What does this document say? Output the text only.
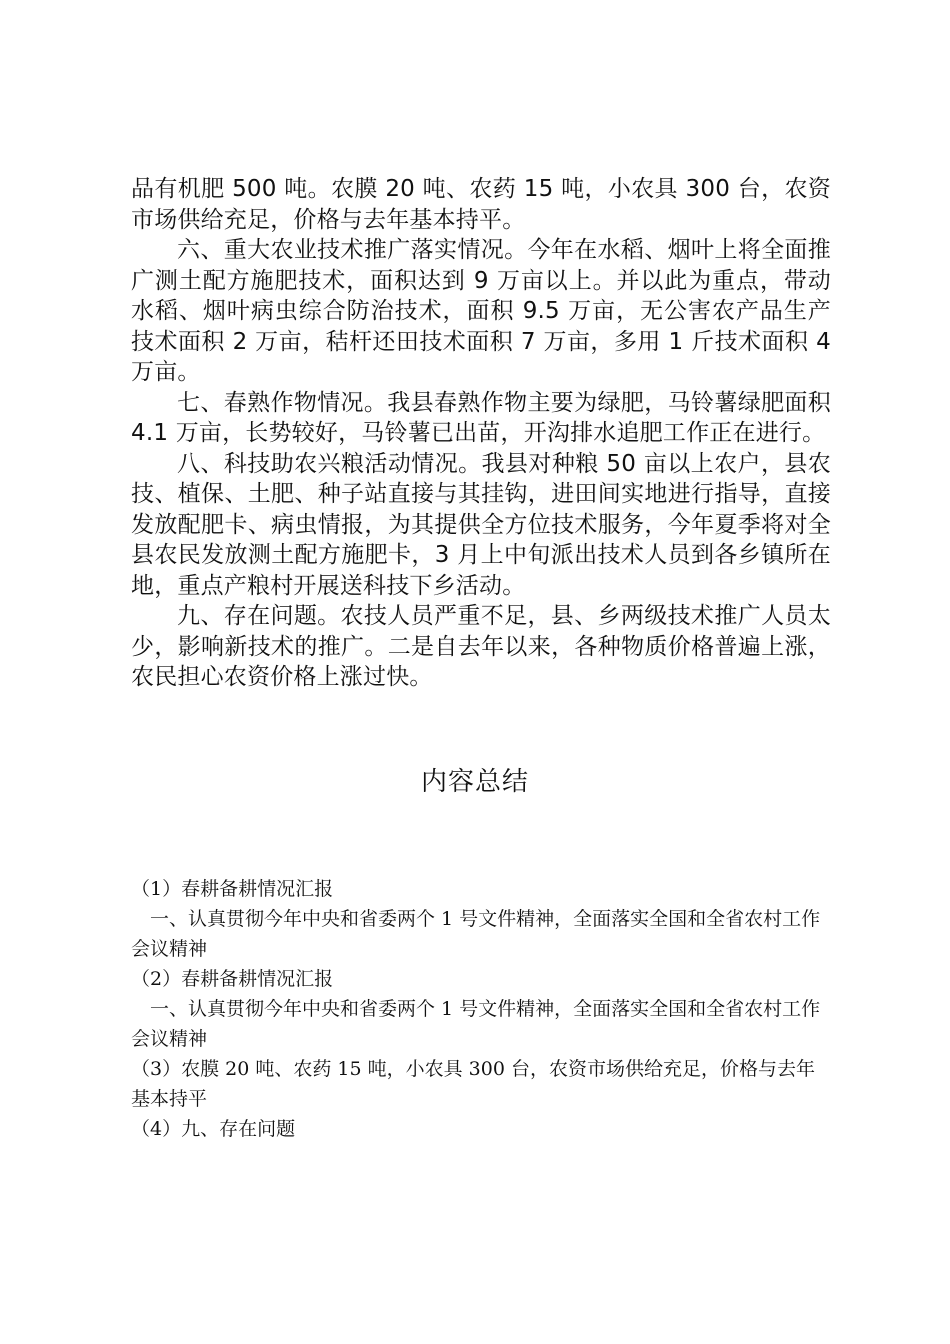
品有机肥 500 吨。农膜 20 吨、农药 15 吨，小农具 300 台，农资市场供给充足，价格与去年基本持平。

六、重大农业技术推广落实情况。今年在水稻、烟叶上将全面推广测土配方施肥技术，面积达到 9 万亩以上。并以此为重点，带动水稻、烟叶病虫综合防治技术，面积 9.5 万亩，无公害农产品生产技术面积 2 万亩，秸杆还田技术面积 7 万亩，多用 1 斤技术面积 4 万亩。

七、春熟作物情况。我县春熟作物主要为绿肥，马铃薯绿肥面积 4.1 万亩，长势较好，马铃薯已出苗，开沟排水追肥工作正在进行。

八、科技助农兴粮活动情况。我县对种粮 50 亩以上农户，县农技、植保、土肥、种子站直接与其挂钩，进田间实地进行指导，直接发放配肥卡、病虫情报，为其提供全方位技术服务，今年夏季将对全县农民发放测土配方施肥卡，3 月上中旬派出技术人员到各乡镇所在地，重点产粮村开展送科技下乡活动。

九、存在问题。农技人员严重不足，县、乡两级技术推广人员太少，影响新技术的推广。二是自去年以来，各种物质价格普遍上涨，农民担心农资价格上涨过快。

内容总结
（1）春耕备耕情况汇报
一、认真贯彻今年中央和省委两个 1 号文件精神，全面落实全国和全省农村工作会议精神
（2）春耕备耕情况汇报
一、认真贯彻今年中央和省委两个 1 号文件精神，全面落实全国和全省农村工作会议精神
（3）农膜 20 吨、农药 15 吨，小农具 300 台，农资市场供给充足，价格与去年基本持平
（4）九、存在问题
